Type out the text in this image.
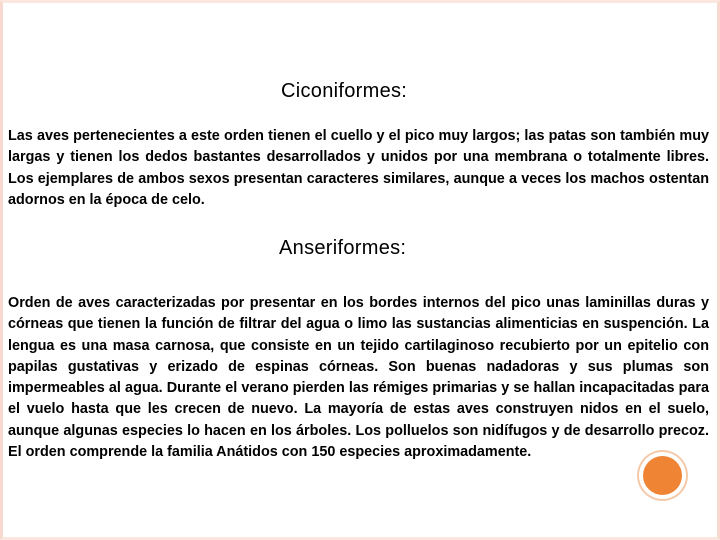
Ciconiformes:

Las aves pertenecientes a este orden tienen el cuello y el pico muy largos; las patas son también muy largas y tienen los dedos bastantes desarrollados y unidos por una membrana o totalmente libres. Los ejemplares de ambos sexos presentan caracteres similares, aunque a veces los machos ostentan adornos en la época de celo.

Anseriformes:

Orden de aves caracterizadas por presentar en los bordes internos del pico unas laminillas duras y córneas que tienen la función de filtrar del agua o limo las sustancias alimenticias en suspención. La lengua es una masa carnosa, que consiste en un tejido cartilaginoso recubierto por un epitelio con papilas gustativas y erizado de espinas córneas. Son buenas nadadoras y sus plumas son impermeables al agua. Durante el verano pierden las rémiges primarias y se hallan incapacitadas para el vuelo hasta que les crecen de nuevo. La mayoría de estas aves construyen nidos en el suelo, aunque algunas especies lo hacen en los árboles. Los polluelos son nidífugos y de desarrollo precoz. El orden comprende la familia Anátidos con 150 especies aproximadamente.
